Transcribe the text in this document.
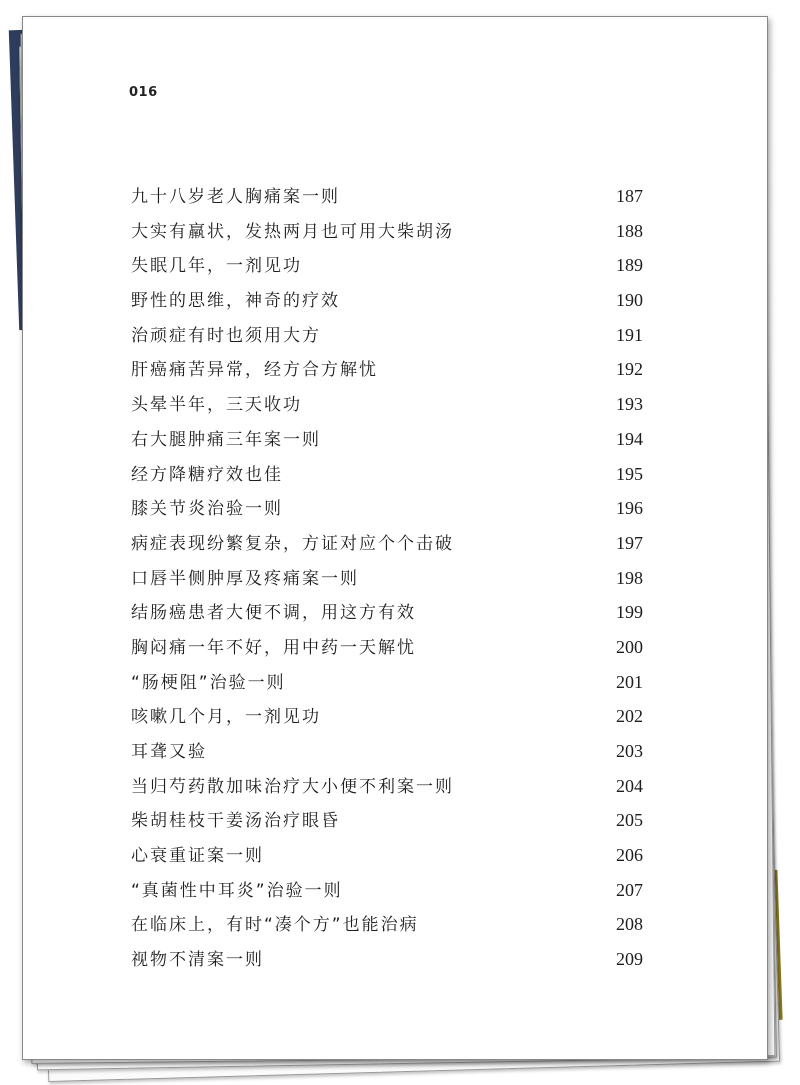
016
九十八岁老人胸痛案一则	187
大实有羸状，发热两月也可用大柴胡汤	188
失眠几年，一剂见功	189
野性的思维，神奇的疗效	190
治顽症有时也须用大方	191
肝癌痛苦异常，经方合方解忧	192
头晕半年，三天收功	193
右大腿肿痛三年案一则	194
经方降糖疗效也佳	195
膝关节炎治验一则	196
病症表现纷繁复杂，方证对应个个击破	197
口唇半侧肿厚及疼痛案一则	198
结肠癌患者大便不调，用这方有效	199
胸闷痛一年不好，用中药一天解忧	200
“肠梗阻”治验一则	201
咳嗽几个月，一剂见功	202
耳聋又验	203
当归芍药散加味治疗大小便不利案一则	204
柴胡桂枝干姜汤治疗眼昏	205
心衰重证案一则	206
“真菌性中耳炎”治验一则	207
在临床上，有时“凑个方”也能治病	208
视物不清案一则	209
